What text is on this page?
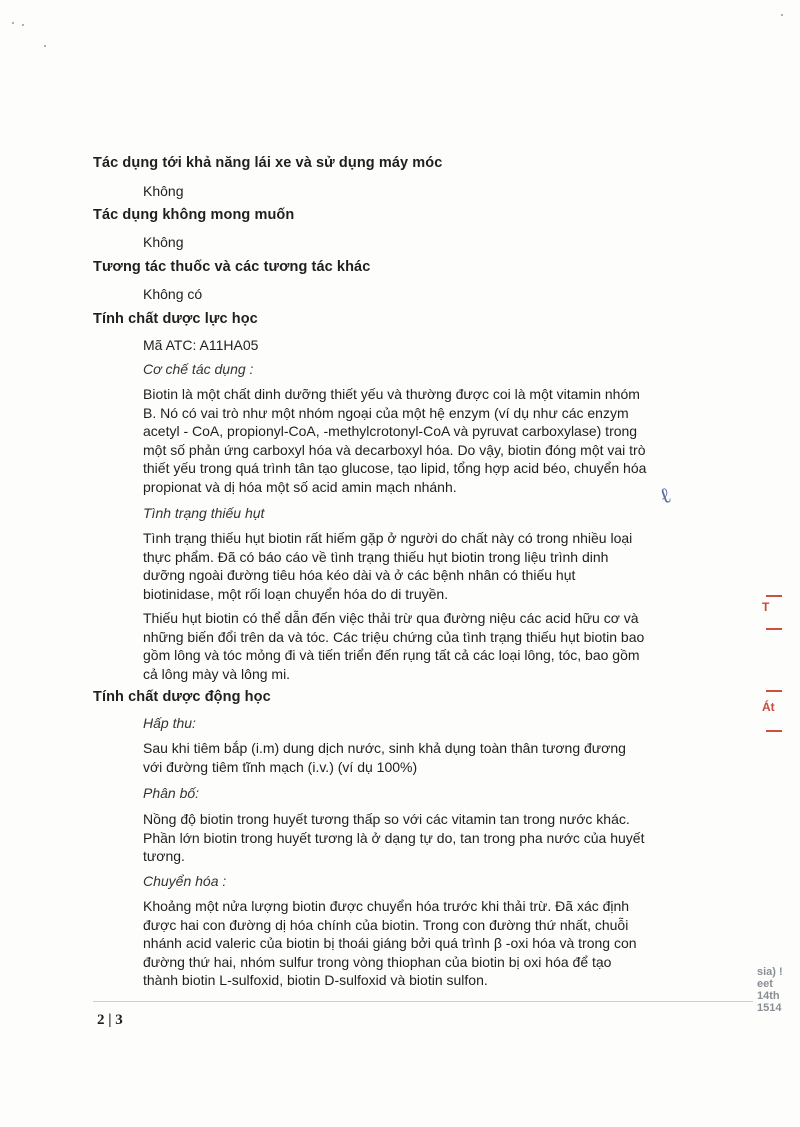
Tác dụng tới khả năng lái xe và sử dụng máy móc
Không
Tác dụng không mong muốn
Không
Tương tác thuốc và các tương tác khác
Không có
Tính chất dược lực học
Mã ATC: A11HA05
Cơ chế tác dụng :
Biotin là một chất dinh dưỡng thiết yếu và thường được coi là một vitamin nhóm
B. Nó có vai trò như một nhóm ngoại của một hệ enzym (ví dụ như các enzym
acetyl - CoA, propionyl-CoA, -methylcrotonyl-CoA và pyruvat carboxylase) trong
một số phản ứng carboxyl hóa và decarboxyl hóa. Do vậy, biotin đóng một vai trò
thiết yếu trong quá trình tân tạo glucose, tạo lipid, tổng hợp acid béo, chuyển hóa
propionat và dị hóa một số acid amin mạch nhánh.
Tình trạng thiếu hụt
ℓ
Tình trạng thiếu hụt biotin rất hiếm gặp ở người do chất này có trong nhiều loại
thực phẩm. Đã có báo cáo về tình trạng thiếu hụt biotin trong liệu trình dinh
dưỡng ngoài đường tiêu hóa kéo dài và ở các bệnh nhân có thiếu hụt
biotinidase, một rối loạn chuyển hóa do di truyền.
Thiếu hụt biotin có thể dẫn đến việc thải trừ qua đường niệu các acid hữu cơ và
những biến đổi trên da và tóc. Các triệu chứng của tình trạng thiếu hụt biotin bao
gồm lông và tóc mỏng đi và tiến triển đến rụng tất cả các loại lông, tóc, bao gồm
cả lông mày và lông mi.
Tính chất dược động học
Hấp thu:
Sau khi tiêm bắp (i.m) dung dịch nước, sinh khả dụng toàn thân tương đương
với đường tiêm tĩnh mạch (i.v.) (ví dụ 100%)
Phân bố:
Nồng độ biotin trong huyết tương thấp so với các vitamin tan trong nước khác.
Phần lớn biotin trong huyết tương là ở dạng tự do, tan trong pha nước của huyết
tương.
Chuyển hóa :
Khoảng một nửa lượng biotin được chuyển hóa trước khi thải trừ. Đã xác định
được hai con đường dị hóa chính của biotin. Trong con đường thứ nhất, chuỗi
nhánh acid valeric của biotin bị thoái giáng bởi quá trình β -oxi hóa và trong con
đường thứ hai, nhóm sulfur trong vòng thiophan của biotin bị oxi hóa để tạo
thành biotin L-sulfoxid, biotin D-sulfoxid và biotin sulfon.
2 | 3
T
Át
sia) !
eet
14th
1514
